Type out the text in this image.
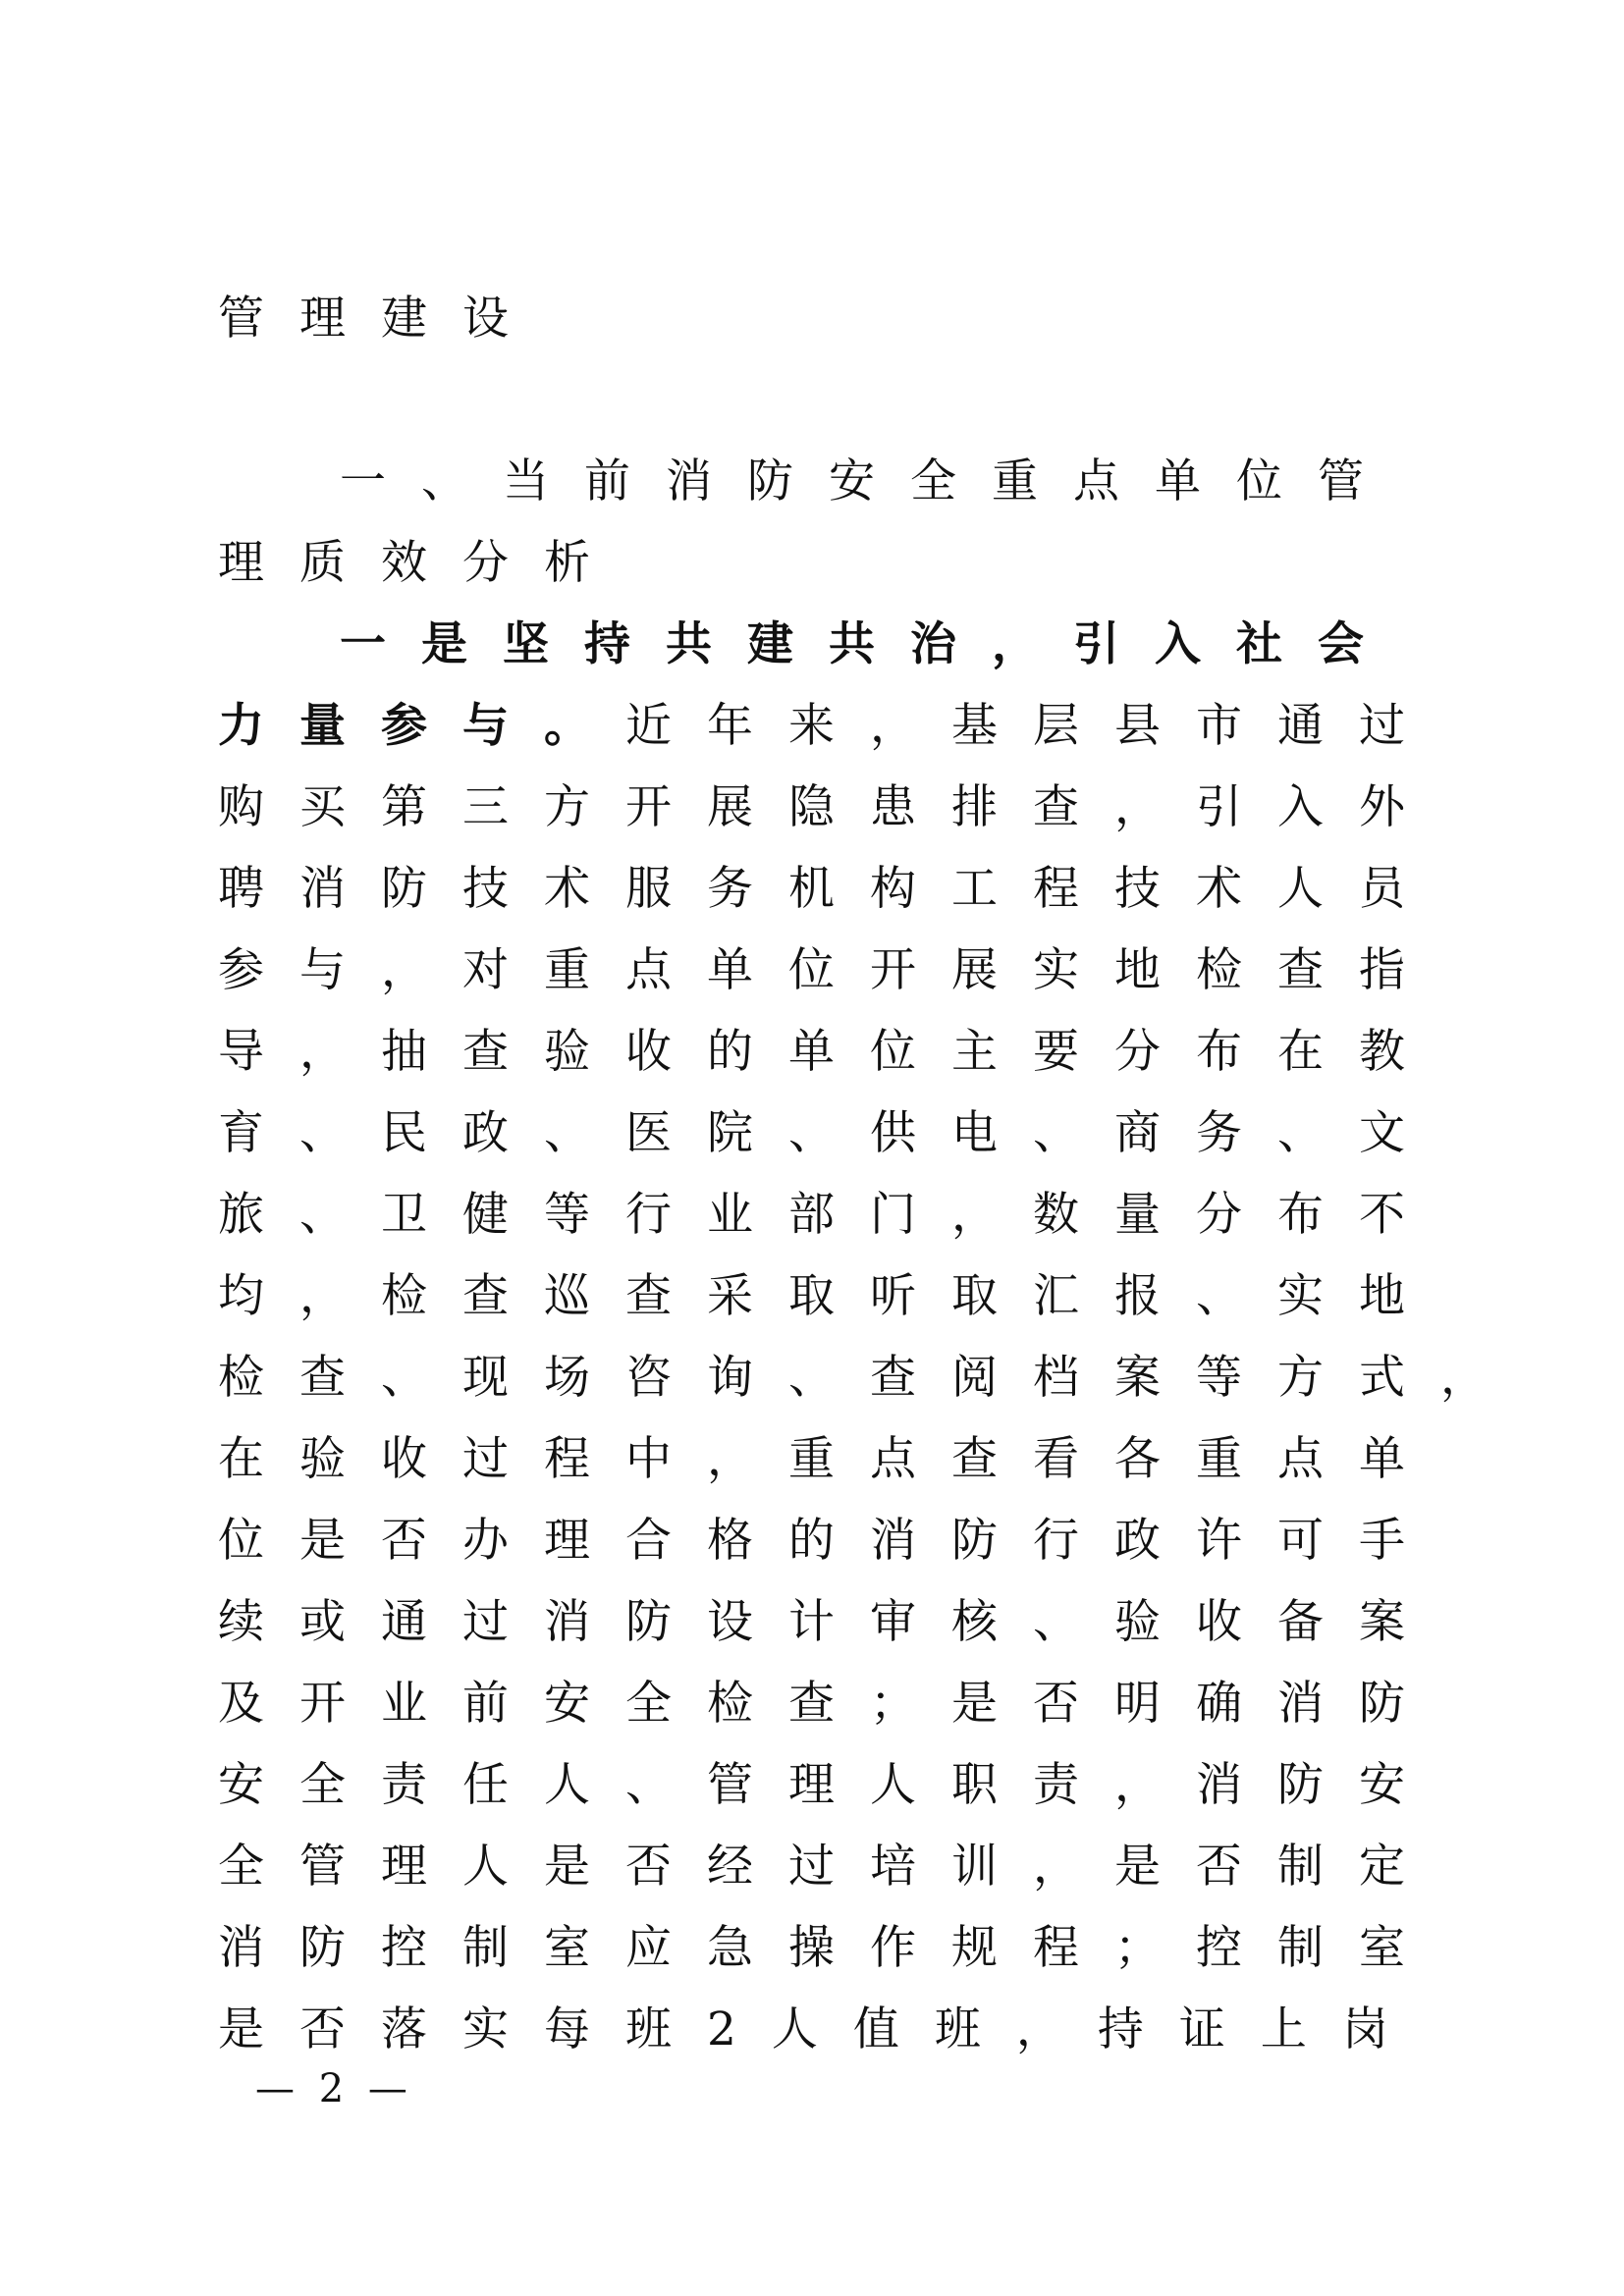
管理建设
一、当前消防安全重点单位管
理质效分析
一是坚持共建共治，引入社会
力量参与。近年来，基层县市通过
购买第三方开展隐患排查，引入外
聘消防技术服务机构工程技术人员
参与，对重点单位开展实地检查指
导，抽查验收的单位主要分布在教
育、民政、医院、供电、商务、文
旅、卫健等行业部门，数量分布不
均，检查巡查采取听取汇报、实地
检查、现场咨询、查阅档案等方式，
在验收过程中，重点查看各重点单
位是否办理合格的消防行政许可手
续或通过消防设计审核、验收备案
及开业前安全检查；是否明确消防
安全责任人、管理人职责，消防安
全管理人是否经过培训，是否制定
消防控制室应急操作规程；控制室
是否落实每班2人值班，持证上岗
— 2 —
